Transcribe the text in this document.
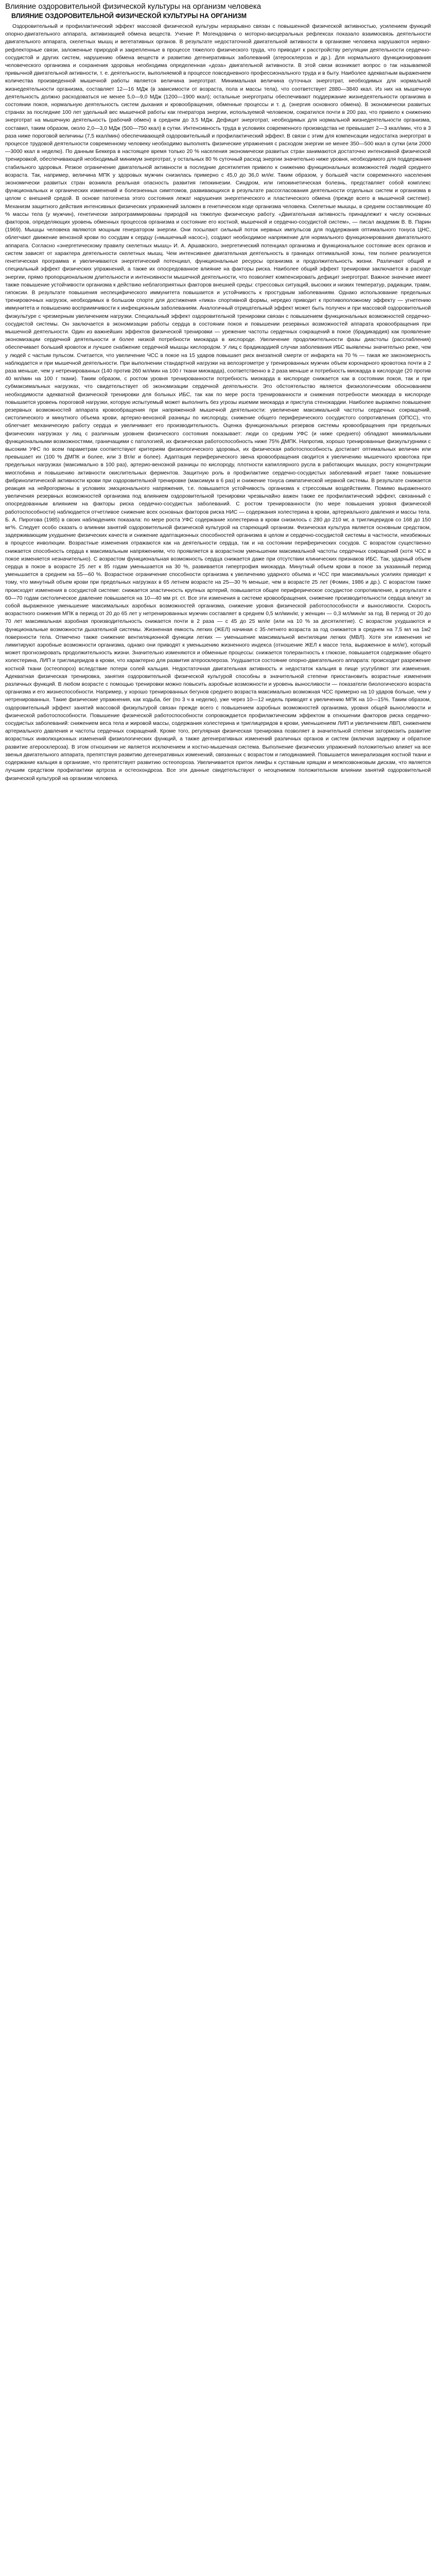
Влияние оздоровительной физической культуры на организм человека
ВЛИЯНИЕ ОЗДОРОВИТЕЛЬНОЙ ФИЗИЧЕСКОЙ КУЛЬТУРЫ НА ОРГАНИЗМ

Оздоровительный и профилактический эффект массовой физической культуры неразрывно связан с повышенной физической активностью, усилением функций опорно-двигательного аппарата, активизацией обмена веществ. Учение Р. Могендовича о моторно-висцеральных рефлексах показало взаимосвязь деятельности двигательного аппарата, скелетных мышц и вегетативных органов. В результате недостаточной двигательной активности в организме человека нарушаются нервно-рефлекторные связи, заложенные природой и закрепленные в процессе тяжелого физического труда, что приводит к расстройству регуляции деятельности сердечно-сосудистой и других систем, нарушению обмена веществ и развитию дегенеративных заболеваний (атеросклероза и др.). Для нормального функционирования человеческого организма и сохранения здоровья необходима определенная «доза» двигательной активности. В этой связи возникает вопрос о так называемой привычной двигательной активности, т. е. деятельности, выполняемой в процессе повседневного профессионального труда и в быту. Наиболее адекватным выражением количества произведенной мышечной работы является величина энерготрат. Минимальная величина суточных энерготрат, необходимых для нормальной жизнедеятельности организма, составляет 12—16 МДж (в зависимости от возраста, пола и массы тела), что соответствует 2880—3840 ккал. Из них на мышечную деятельность должно расходоваться не менее 5,0—9,0 МДж (1200—1900 ккал); остальные энерготраты обеспечивают поддержание жизнедеятельности организма в состоянии покоя, нормальную деятельность систем дыхания и кровообращения, обменные процессы и т. д. (энергия основного обмена). В экономически развитых странах за последние 100 лет удельный вес мышечной работы как генератора энергии, используемой человеком, сократился почти в 200 раз, что привело к снижению энерготрат на мышечную деятельность (рабочий обмен) в среднем до 3,5 МДж. Дефицит энерготрат, необходимых для нормальной жизнедеятельности организма, составил, таким образом, около 2,0—3,0 МДж (500—750 ккал) в сутки. Интенсивность труда в условиях современного производства не превышает 2—3 ккал/мин, что в 3 раза ниже пороговой величины (7,5 ккал/мин) обеспечивающей оздоровительный и профилактический эффект. В связи с этим для компенсации недостатка энерготрат в процессе трудовой деятельности современному человеку необходимо выполнять физические упражнения с расходом энергии не менее 350—500 ккал в сутки (или 2000—3000 ккал в неделю). По данным Беккера в настоящее время только 20 % населения экономически развитых стран занимаются достаточно интенсивной физической тренировкой, обеспечивающей необходимый минимум энерготрат, у остальных 80 % суточный расход энергии значительно ниже уровня, необходимого для поддержания стабильного здоровья. Резкое ограничение двигательной активности в последние десятилетия привело к снижению функциональных возможностей людей среднего возраста. Так, например, величина МПК у здоровых мужчин снизилась примерно с 45,0 до 36,0 мл/кг. Таким образом, у большей части современного населения экономически развитых стран возникла реальная опасность развития гипокинезии. Синдром, или гипокинетическая болезнь, представляет собой комплекс функциональных и органических изменений и болезненных симптомов, развивающихся в результате рассогласования деятельности отдельных систем и организма в целом с внешней средой. В основе патогенеза этого состояния лежат нарушения энергетического и пластического обмена (прежде всего в мышечной системе). Механизм защитного действия интенсивных физических упражнений заложен в генетическом коде организма человека. Скелетные мышцы, в среднем составляющие 40 % массы тела (у мужчин), генетически запрограммированы природой на тяжелую физическую работу. «Двигательная активность принадлежит к числу основных факторов, определяющих уровень обменных процессов организма и состояние его костной, мышечной и сердечно-сосудистой систем», — писал академик В. В. Парин (1969). Мышцы человека являются мощным генератором энергии. Они посылают сильный поток нервных импульсов для поддержания оптимального тонуса ЦНС, облегчают движение венозной крови по сосудам к сердцу («мышечный насос»), создают необходимое напряжение для нормального функционирования двигательного аппарата. Согласно «энергетическому правилу скелетных мышц» И. А. Аршавского, энергетический потенциал организма и функциональное состояние всех органов и систем зависят от характера деятельности скелетных мышц. Чем интенсивнее двигательная деятельность в границах оптимальной зоны, тем полнее реализуется генетическая программа и увеличиваются энергетический потенциал, функциональные ресурсы организма и продолжительность жизни. Различают общий и специальный эффект физических упражнений, а также их опосредованное влияние на факторы риска. Наиболее общий эффект тренировки заключается в расходе энергии, прямо пропорциональном длительности и интенсивности мышечной деятельности, что позволяет компенсировать дефицит энерготрат. Важное значение имеет также повышение устойчивости организма к действию неблагоприятных факторов внешней среды: стрессовых ситуаций, высоких и низких температур, радиации, травм, гипоксии. В результате повышения неспецифического иммунитета повышается и устойчивость к простудным заболеваниям. Однако использование предельных тренировочных нагрузок, необходимых в большом спорте для достижения «пика» спортивной формы, нередко приводит к противоположному эффекту — угнетению иммунитета и повышению восприимчивости к инфекционным заболеваниям. Аналогичный отрицательный эффект может быть получен и при массовой оздоровительной физкультуре с чрезмерным увеличением нагрузки. Специальный эффект оздоровительной тренировки связан с повышением функциональных возможностей сердечно-сосудистой системы. Он заключается в экономизации работы сердца в состоянии покоя и повышении резервных возможностей аппарата кровообращения при мышечной деятельности. Один из важнейших эффектов физической тренировки — урежение частоты сердечных сокращений в покое (брадикардия) как проявление экономизации сердечной деятельности и более низкой потребности миокарда в кислороде. Увеличение продолжительности фазы диастолы (расслабления) обеспечивает больший кровоток и лучшее снабжение сердечной мышцы кислородом. У лиц с брадикардией случаи заболевания ИБС выявлены значительно реже, чем у людей с частым пульсом. Считается, что увеличение ЧСС в покое на 15 ударов повышает риск внезапной смерти от инфаркта на 70 % — такая же закономерность наблюдается и при мышечной деятельности. При выполнении стандартной нагрузки на велоэргометре у тренированных мужчин объем коронарного кровотока почти в 2 раза меньше, чем у нетренированных (140 против 260 мл/мин на 100 г ткани миокарда), соответственно в 2 раза меньше и потребность миокарда в кислороде (20 против 40 мл/мин на 100 г ткани). Таким образом, с ростом уровня тренированности потребность миокарда в кислороде снижается как в состоянии покоя, так и при субмаксимальных нагрузках, что свидетельствует об экономизации сердечной деятельности. Это обстоятельство является физиологическим обоснованием необходимости адекватной физической тренировки для больных ИБС, так как по мере роста тренированности и снижения потребности миокарда в кислороде повышается уровень пороговой нагрузки, которую испытуемый может выполнить без угрозы ишемии миокарда и приступа стенокардии. Наиболее выражено повышение резервных возможностей аппарата кровообращения при напряженной мышечной деятельности: увеличение максимальной частоты сердечных сокращений, систолического и минутного объема крови, артерио-венозной разницы по кислороду, снижение общего периферического сосудистого сопротивления (ОПСС), что облегчает механическую работу сердца и увеличивает его производительность. Оценка функциональных резервов системы кровообращения при предельных физических нагрузках у лиц с различным уровнем физического состояния показывает: люди со средним УФС (и ниже среднего) обладают минимальными функциональными возможностями, граничащими с патологией, их физическая работоспособность ниже 75% ДМПК. Напротив, хорошо тренированные физкультурники с высоким УФС по всем параметрам соответствуют критериям физиологического здоровья, их физическая работоспособность достигает оптимальных величин или превышает их (100 % ДМПК и более, или 3 Вт/кг и более). Адаптация периферического звена кровообращения сводится к увеличению мышечного кровотока при предельных нагрузках (максимально в 100 раз), артерио-венозной разницы по кислороду, плотности капиллярного русла в работающих мышцах, росту концентрации миоглобина и повышению активности окислительных ферментов. Защитную роль в профилактике сердечно-сосудистых заболеваний играет также повышение фибринолитической активности крови при оздоровительной тренировке (максимум в 6 раз) и снижение тонуса симпатической нервной системы. В результате снижается реакция на нейрогормоны в условиях эмоционального напряжения, т.е. повышается устойчивость организма к стрессовым воздействиям. Помимо выраженного увеличения резервных возможностей организма под влиянием оздоровительной тренировки чрезвычайно важен также ее профилактический эффект, связанный с опосредованным влиянием на факторы риска сердечно-сосудистых заболеваний. С ростом тренированности (по мере повышения уровня физической работоспособности) наблюдается отчетливое снижение всех основных факторов риска НИС — содержания холестерина в крови, артериального давления и массы тела. Б. А. Пирогова (1985) в своих наблюдениях показала: по мере роста УФС содержание холестерина в крови снизилось с 280 до 210 мг, а триглицеридов со 168 до 150 мг%. Следует особо сказать о влиянии занятий оздоровительной физической культурой на стареющий организм. Физическая культура является основным средством, задерживающим ухудшение физических качеств и снижение адаптационных способностей организма в целом и сердечно-сосудистой системы в частности, неизбежных в процессе инволюции. Возрастные изменения отражаются как на деятельности сердца, так и на состоянии периферических сосудов. С возрастом существенно снижается способность сердца к максимальным напряжениям, что проявляется в возрастном уменьшении максимальной частоты сердечных сокращений (хотя ЧСС в покое изменяется незначительно). С возрастом функциональная возможность сердца снижается даже при отсутствии клинических признаков ИБС. Так, ударный объем сердца в покое в возрасте 25 лет к 85 годам уменьшается на 30 %, развивается гипертрофия миокарда. Минутный объем крови в покое за указанный период уменьшается в среднем на 55—60 %. Возрастное ограничение способности организма к увеличению ударного объема и ЧСС при максимальных усилиях приводит к тому, что минутный объем крови при предельных нагрузках в 65 летнем возрасте на 25—30 % меньше, чем в возрасте 25 лет (Фомин, 1986 и др.). С возрастом также происходят изменения в сосудистой системе: снижается эластичность крупных артерий, повышается общее периферическое сосудистое сопротивление, в результате к 60—70 годам систолическое давление повышается на 10—40 мм рт. ст. Все эти изменения в системе кровообращения, снижение производительности сердца влекут за собой выраженное уменьшение максимальных аэробных возможностей организма, снижение уровня физической работоспособности и выносливости. Скорость возрастного снижения МПК в период от 20 до 65 лет у нетренированных мужчин составляет в среднем 0,5 мл/мин/кг, у женщин — 0,3 мл/мин/кг за год. В период от 20 до 70 лет максимальная аэробная производительность снижается почти в 2 раза — с 45 до 25 мл/кг (или на 10 % за десятилетие). С возрастом ухудшаются и функциональные возможности дыхательной системы. Жизненная емкость легких (ЖЕЛ) начиная с 35-летнего возраста за год снижается в среднем на 7,5 мл на 1м2 поверхности тела. Отмечено также снижение вентиляционной функции легких — уменьшение максимальной вентиляции легких (МВЛ). Хотя эти изменения не лимитируют аэробные возможности организма, однако они приводят к уменьшению жизненного индекса (отношение ЖЕЛ к массе тела, выраженное в мл/кг), который может прогнозировать продолжительность жизни. Значительно изменяются и обменные процессы: снижается толерантность к глюкозе, повышается содержание общего холестерина, ЛИП и триглицеридов в крови, что характерно для развития атеросклероза. Ухудшается состояние опорно-двигательного аппарата: происходит разрежение костной ткани (остеопороз) вследствие потери солей кальция. Недостаточная двигательная активность и недостаток кальция в пище усугубляют эти изменения. Адекватная физическая тренировка, занятия оздоровительной физической культурой способны в значительной степени приостановить возрастные изменения различных функций. В любом возрасте с помощью тренировки можно повысить аэробные возможности и уровень выносливости — показатели биологического возраста организма и его жизнеспособности. Например, у хорошо тренированных бегунов среднего возраста максимально возможная ЧСС примерно на 10 ударов больше, чем у нетренированных. Такие физические упражнения, как ходьба, бег (по 3 ч в неделю), уже через 10—12 недель приводят к увеличению МПК на 10—15%. Таким образом, оздоровительный эффект занятий массовой физкультурой связан прежде всего с повышением аэробных возможностей организма, уровня общей выносливости и физической работоспособности. Повышение физической работоспособности сопровождается профилактическим эффектом в отношении факторов риска сердечно-сосудистых заболеваний: снижением веса тела и жировой массы, содержания холестерина и триглицеридов в крови, уменьшением ЛИП и увеличением ЛВП, снижением артериального давления и частоты сердечных сокращений. Кроме того, регулярная физическая тренировка позволяет в значительной степени затормозить развитие возрастных инволюционных изменений физиологических функций, а также дегенеративных изменений различных органов и систем (включая задержку и обратное развитие атеросклероза). В этом отношении не является исключением и костно-мышечная система. Выполнение физических упражнений положительно влияет на все звенья двигательного аппарата, препятствуя развитию дегенеративных изменений, связанных с возрастом и гиподинамией. Повышается минерализация костной ткани и содержание кальция в организме, что препятствует развитию остеопороза. Увеличивается приток лимфы к суставным хрящам и межпозвонковым дискам, что является лучшим средством профилактики артроза и остеохондроза. Все эти данные свидетельствуют о неоценимом положительном влиянии занятий оздоровительной физической культурой на организм человека.
